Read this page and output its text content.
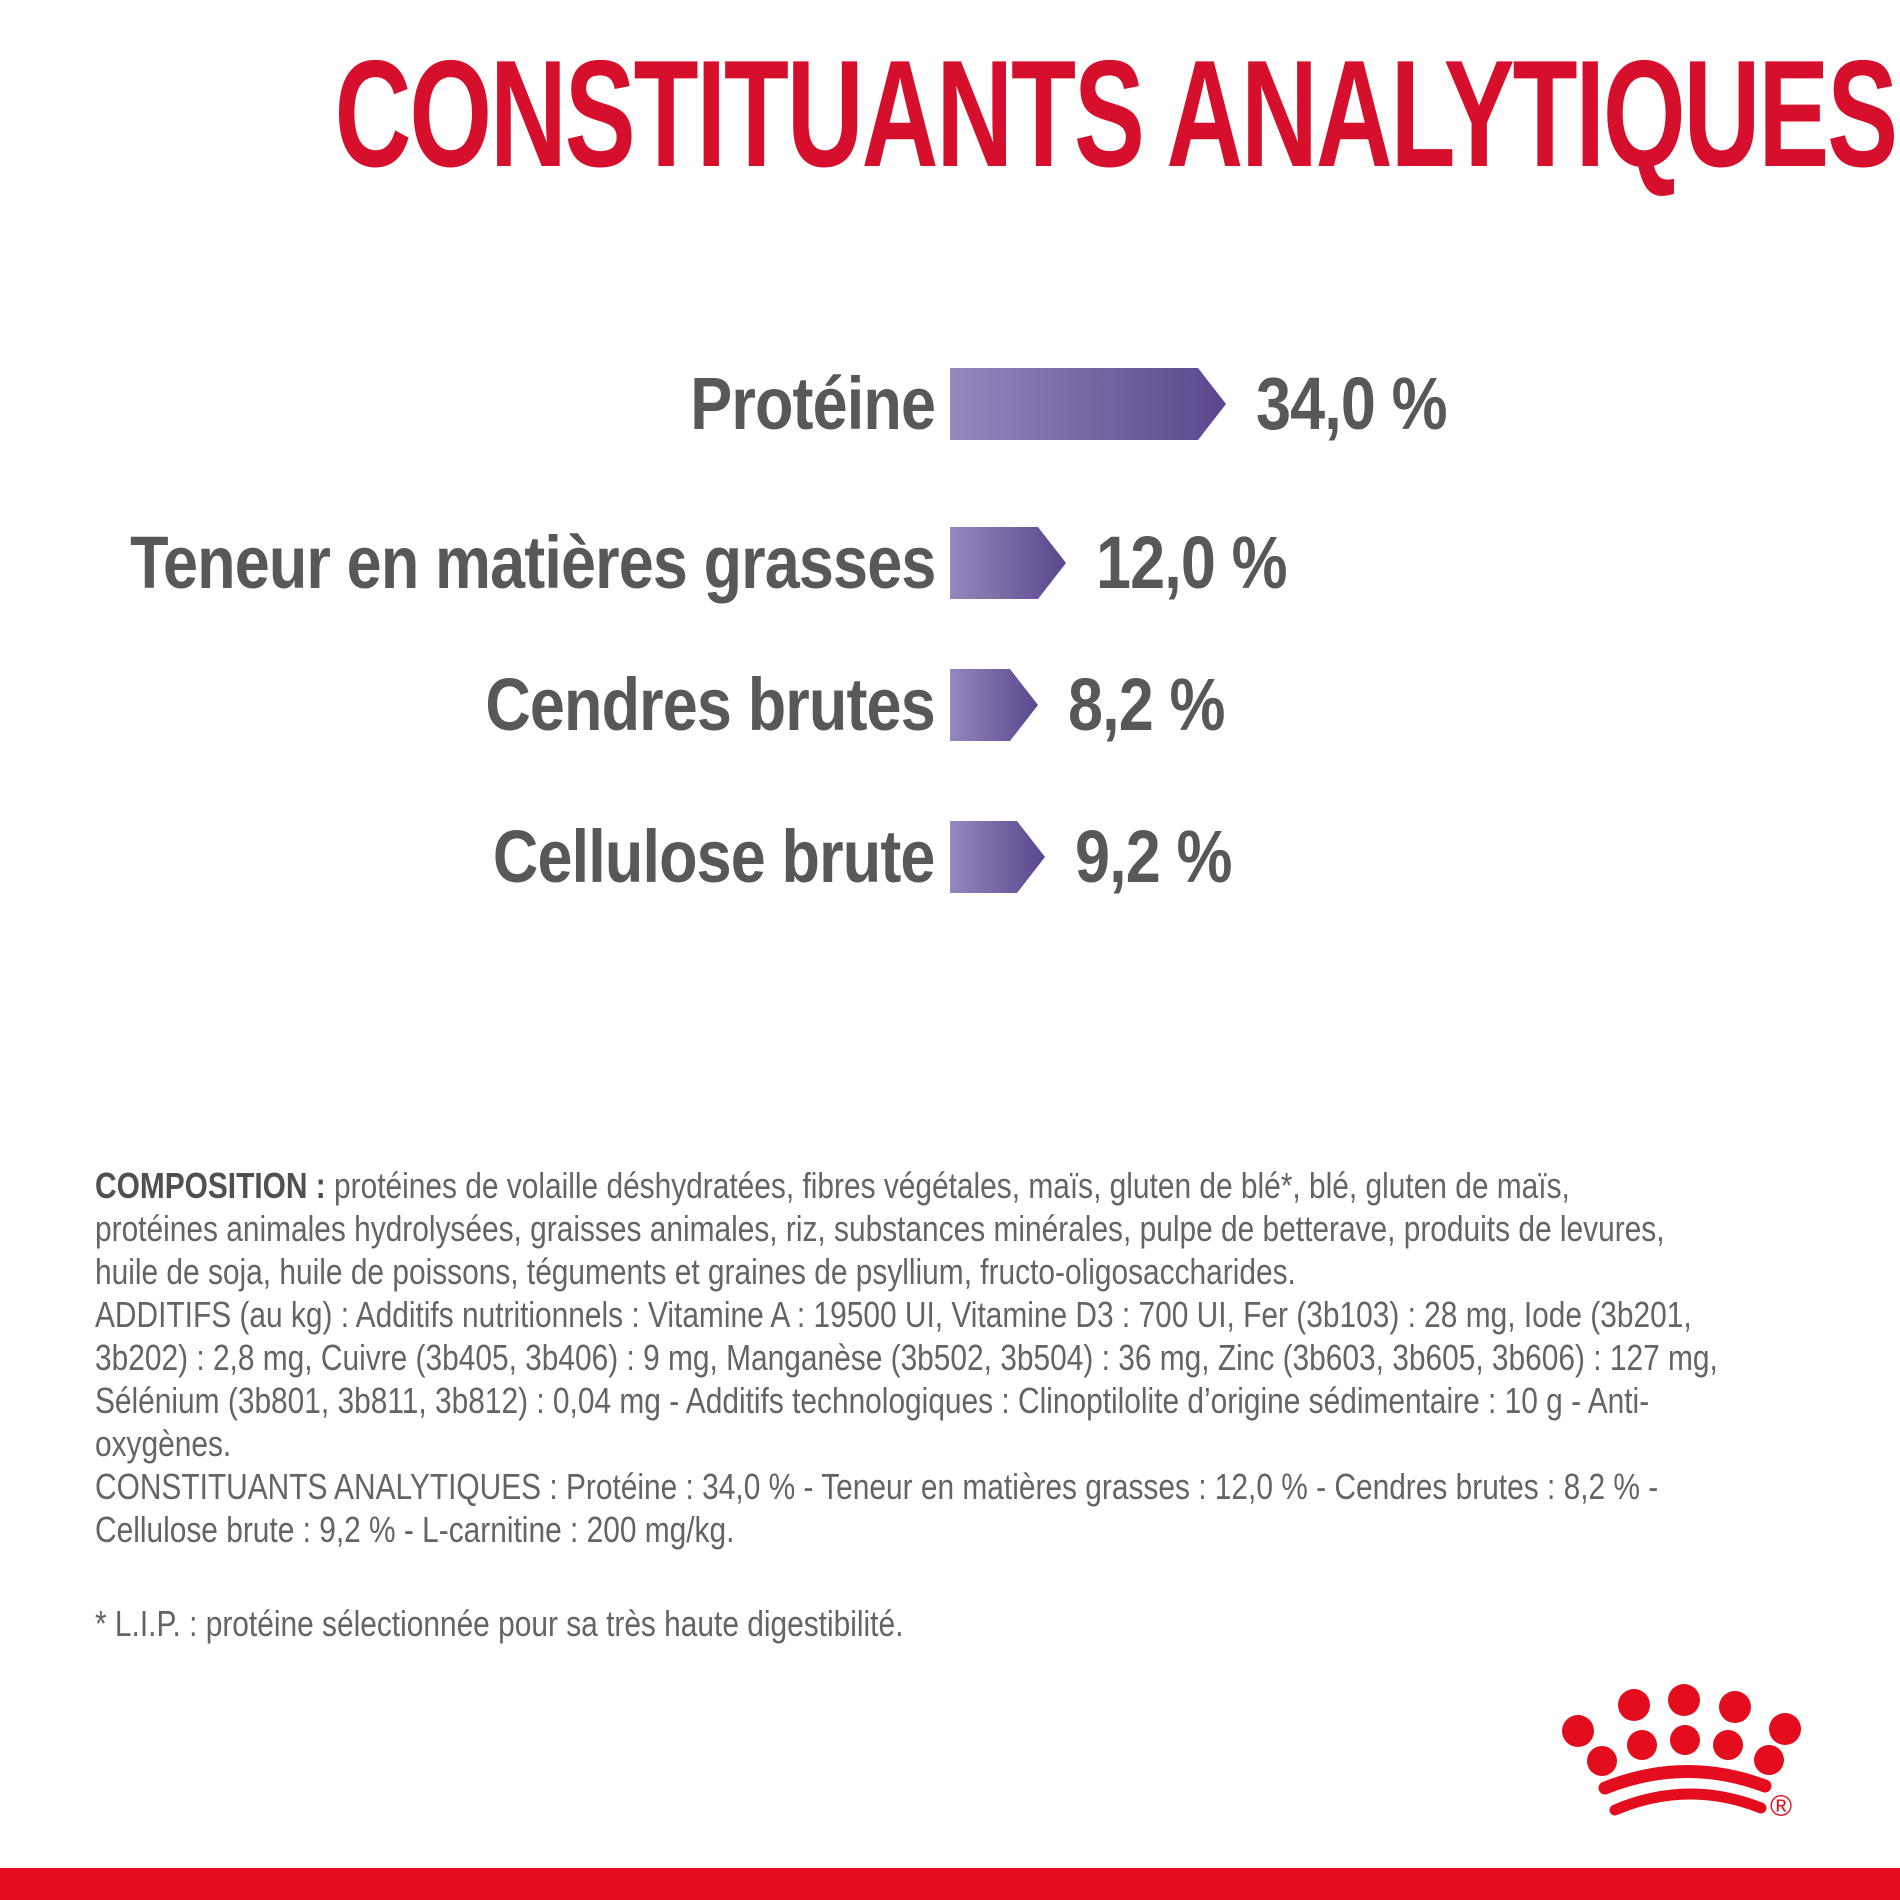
CONSTITUANTS ANALYTIQUES
Protéine	34,0 %
Teneur en matières grasses 12,0 %
Cendres brutes 8,2 %
Cellulose brute 9,2 %
COMPOSITION : protéines de volaille déshydratées, fibres végétales, maïs, gluten de blé*, blé, gluten de maïs,
protéines animales hydrolysées, graisses animales, riz, substances minérales, pulpe de betterave, produits de levures,
huile de soja, huile de poissons, téguments et graines de psyllium, fructo-oligosaccharides.
ADDITIFS (au kg) : Additifs nutritionnels : Vitamine A : 19500 UI, Vitamine D3 : 700 UI, Fer (3b103) : 28 mg, Iode (3b201,
3b202) : 2,8 mg, Cuivre (3b405, 3b406) : 9 mg, Manganèse (3b502, 3b504) : 36 mg, Zinc (3b603, 3b605, 3b606) : 127 mg,
Sélénium (3b801, 3b811, 3b812) : 0,04 mg - Additifs technologiques : Clinoptilolite d’origine sédimentaire : 10 g - Anti-
oxygènes.
CONSTITUANTS ANALYTIQUES : Protéine : 34,0 % - Teneur en matières grasses : 12,0 % - Cendres brutes : 8,2 % -
Cellulose brute : 9,2 % - L-carnitine : 200 mg/kg.
* L.I.P. : protéine sélectionnée pour sa très haute digestibilité.
®
